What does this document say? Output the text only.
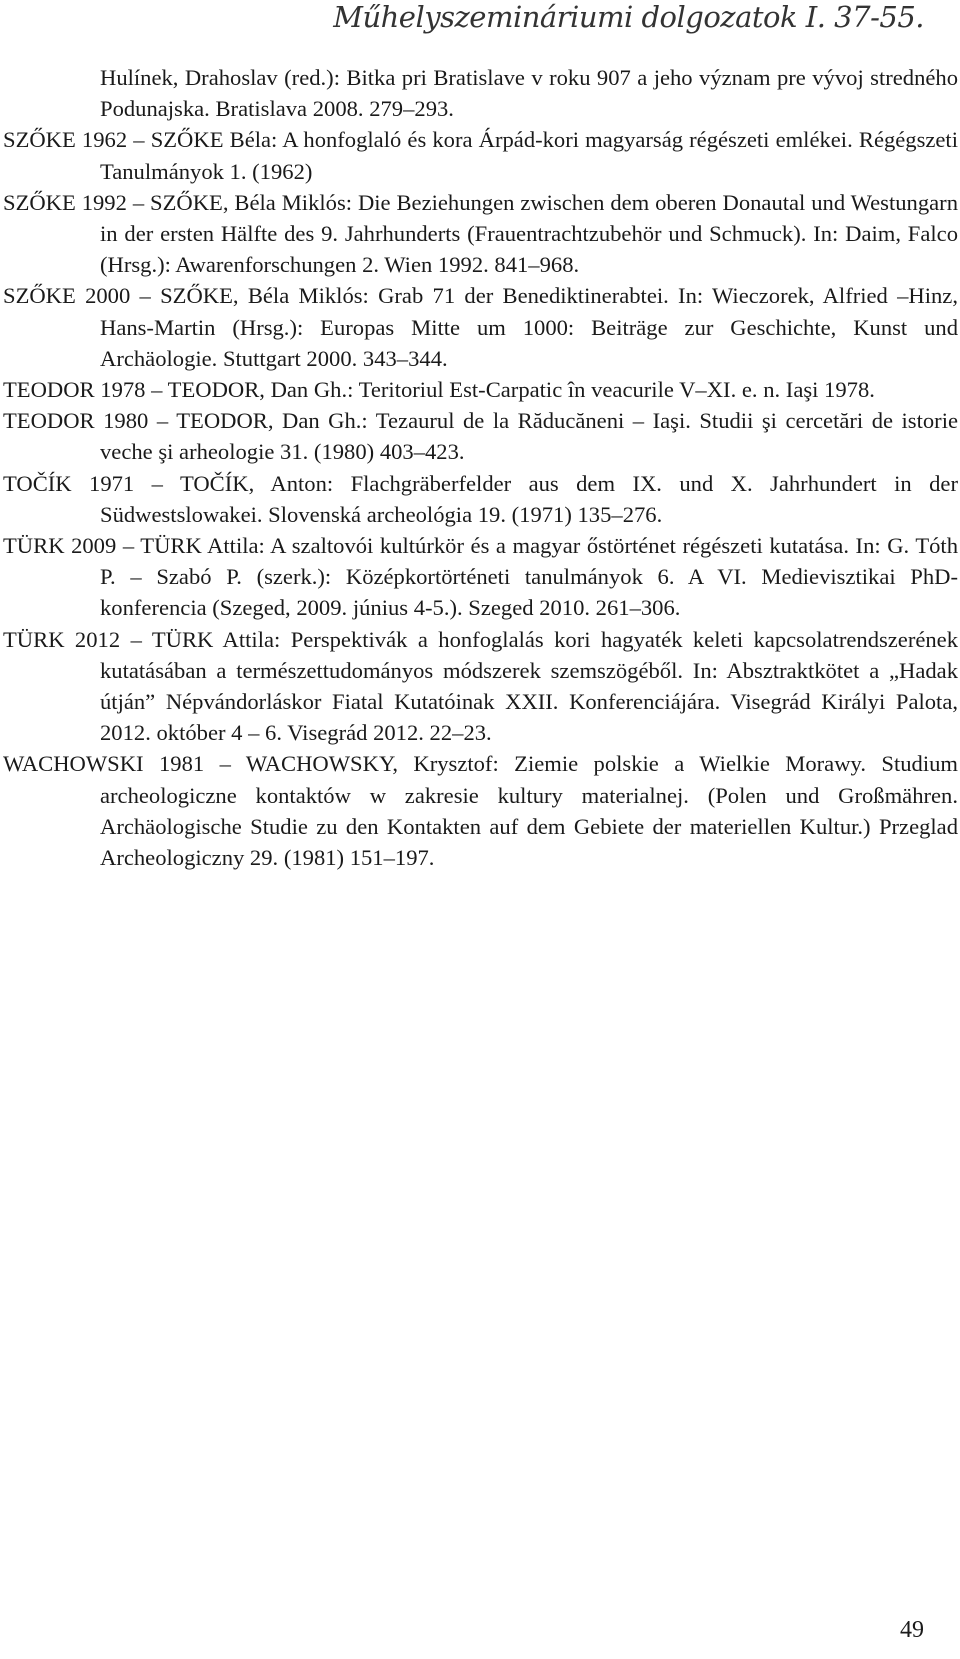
Műhelyszemináriumi dolgozatok I. 37-55.

Hulínek, Drahoslav (red.): Bitka pri Bratislave v roku 907 a jeho význam pre vývoj stredného Podunajska. Bratislava 2008. 279–293.

SZŐKE 1962 – SZŐKE Béla: A honfoglaló és kora Árpád-kori magyarság régészeti emlékei. Régégszeti Tanulmányok 1. (1962)

SZŐKE 1992 – SZŐKE, Béla Miklós: Die Beziehungen zwischen dem oberen Donautal und Westungarn in der ersten Hälfte des 9. Jahrhunderts (Frauentrachtzubehör und Schmuck). In: Daim, Falco (Hrsg.): Awarenforschungen 2. Wien 1992. 841–968.

SZŐKE 2000 – SZŐKE, Béla Miklós: Grab 71 der Benediktinerabtei. In: Wieczorek, Alfried –Hinz, Hans-Martin (Hrsg.): Europas Mitte um 1000: Beiträge zur Geschichte, Kunst und Archäologie. Stuttgart 2000. 343–344.

TEODOR 1978 – TEODOR, Dan Gh.: Teritoriul Est-Carpatic în veacurile V–XI. e. n. Iaşi 1978.

TEODOR 1980 – TEODOR, Dan Gh.: Tezaurul de la Răducăneni – Iaşi. Studii şi cercetări de istorie veche şi arheologie 31. (1980) 403–423.

TOČÍK 1971 – TOČÍK, Anton: Flachgräberfelder aus dem IX. und X. Jahrhundert in der Südwestslowakei. Slovenská archeológia 19. (1971) 135–276.

TÜRK 2009 – TÜRK Attila: A szaltovói kultúrkör és a magyar őstörténet régészeti kutatása. In: G. Tóth P. – Szabó P. (szerk.): Középkortörténeti tanulmányok 6. A VI. Medievisztikai PhD-konferencia (Szeged, 2009. június 4-5.). Szeged 2010. 261–306.

TÜRK 2012 – TÜRK Attila: Perspektivák a honfoglalás kori hagyaték keleti kapcsolatrendszerének kutatásában a természettudományos módszerek szemszögéből. In: Absztraktkötet a „Hadak útján” Népvándorláskor Fiatal Kutatóinak XXII. Konferenciájára. Visegrád Királyi Palota, 2012. október 4 – 6. Visegrád 2012. 22–23.

WACHOWSKI 1981 – WACHOWSKY, Krysztof: Ziemie polskie a Wielkie Morawy. Studium archeologiczne kontaktów w zakresie kultury materialnej. (Polen und Großmähren. Archäologische Studie zu den Kontakten auf dem Gebiete der materiellen Kultur.) Przeglad Archeologiczny 29. (1981) 151–197.

49
